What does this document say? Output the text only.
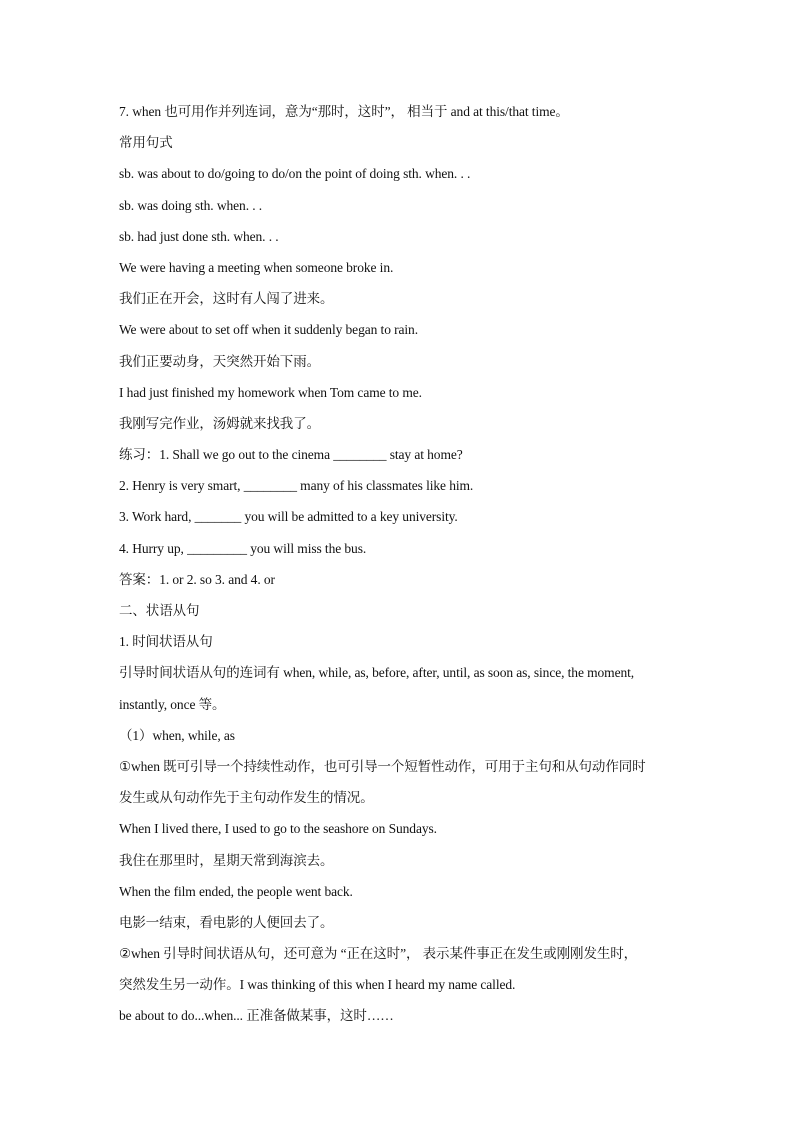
7. when 也可用作并列连词，意为“那时，这时”， 相当于 and at this/that time。
常用句式
sb. was about to do/going to do/on the point of doing sth. when. . .
sb. was doing sth. when. . .
sb. had just done sth. when. . .
We were having a meeting when someone broke in.
我们正在开会，这时有人闯了进来。
We were about to set off when it suddenly began to rain.
我们正要动身，天突然开始下雨。
I had just finished my homework when Tom came to me.
我刚写完作业，汤姆就来找我了。
练习：1. Shall we go out to the cinema ________ stay at home?
2. Henry is very smart, ________ many of his classmates like him.
3. Work hard, _______ you will be admitted to a key university.
4. Hurry up, _________ you will miss the bus.
答案：1. or 2. so 3. and 4. or
二、状语从句
1. 时间状语从句
引导时间状语从句的连词有 when, while, as, before, after, until, as soon as, since, the moment,
instantly, once 等。
（1）when, while, as
①when 既可引导一个持续性动作，也可引导一个短暂性动作，可用于主句和从句动作同时
发生或从句动作先于主句动作发生的情况。
When I lived there, I used to go to the seashore on Sundays.
我住在那里时，星期天常到海滨去。
When the film ended, the people went back.
电影一结束，看电影的人便回去了。
②when 引导时间状语从句，还可意为 “正在这时”， 表示某件事正在发生或刚刚发生时，
突然发生另一动作。I was thinking of this when I heard my name called.
be about to do...when... 正准备做某事，这时……
